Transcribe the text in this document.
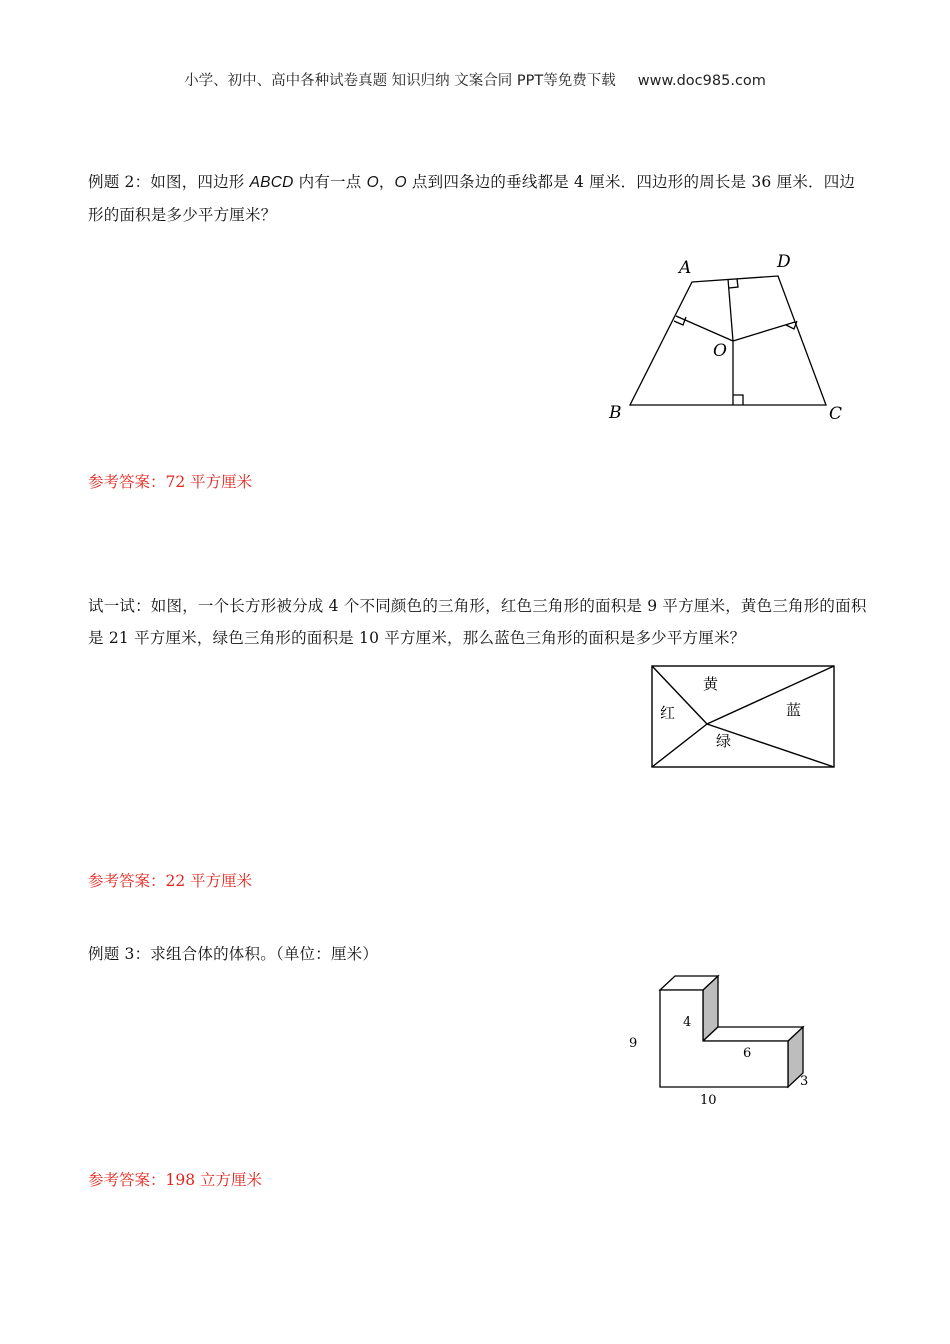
小学、初中、高中各种试卷真题 知识归纳 文案合同 PPT等免费下载 www.doc985.com
例题 2：如图，四边形 ABCD 内有一点 O，O 点到四条边的垂线都是 4 厘米．四边形的周长是 36 厘米．四边形的面积是多少平方厘米？
A	D
O
B	C
参考答案：72 平方厘米
试一试：如图，一个长方形被分成 4 个不同颜色的三角形，红色三角形的面积是 9 平方厘米，黄色三角形的面积是 21 平方厘米，绿色三角形的面积是 10 平方厘米，那么蓝色三角形的面积是多少平方厘米？
黄
红	蓝
绿
参考答案：22 平方厘米
例题 3：求组合体的体积。（单位：厘米）
9
4
6
3
10
参考答案：198 立方厘米
